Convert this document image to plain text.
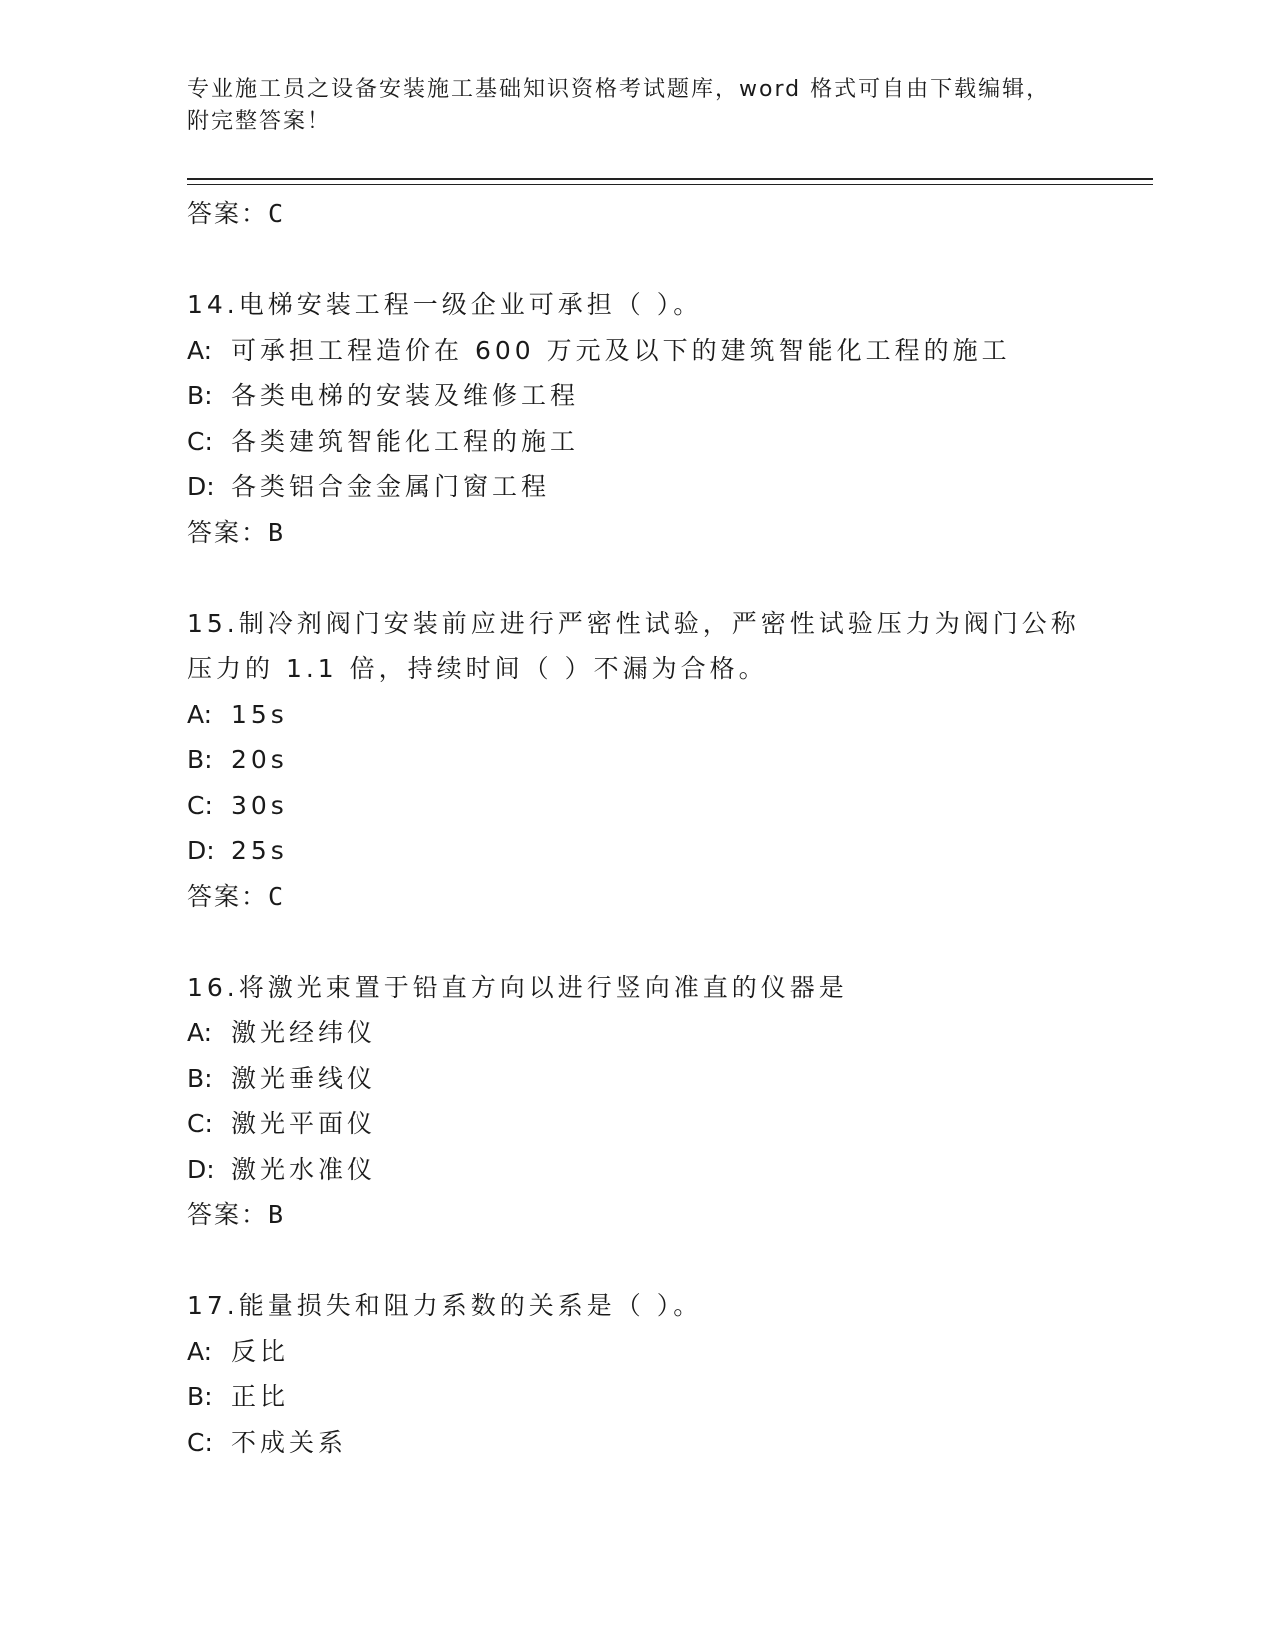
专业施工员之设备安装施工基础知识资格考试题库，word 格式可自由下载编辑，
附完整答案！
答案：C
14.电梯安装工程一级企业可承担（ ）。
A: 可承担工程造价在 600 万元及以下的建筑智能化工程的施工
B: 各类电梯的安装及维修工程
C: 各类建筑智能化工程的施工
D: 各类铝合金金属门窗工程
答案：B
15.制冷剂阀门安装前应进行严密性试验，严密性试验压力为阀门公称
压力的 1.1 倍，持续时间（ ）不漏为合格。
A: 15s
B: 20s
C: 30s
D: 25s
答案：C
16.将激光束置于铅直方向以进行竖向准直的仪器是
A: 激光经纬仪
B: 激光垂线仪
C: 激光平面仪
D: 激光水准仪
答案：B
17.能量损失和阻力系数的关系是（ ）。
A: 反比
B: 正比
C: 不成关系
